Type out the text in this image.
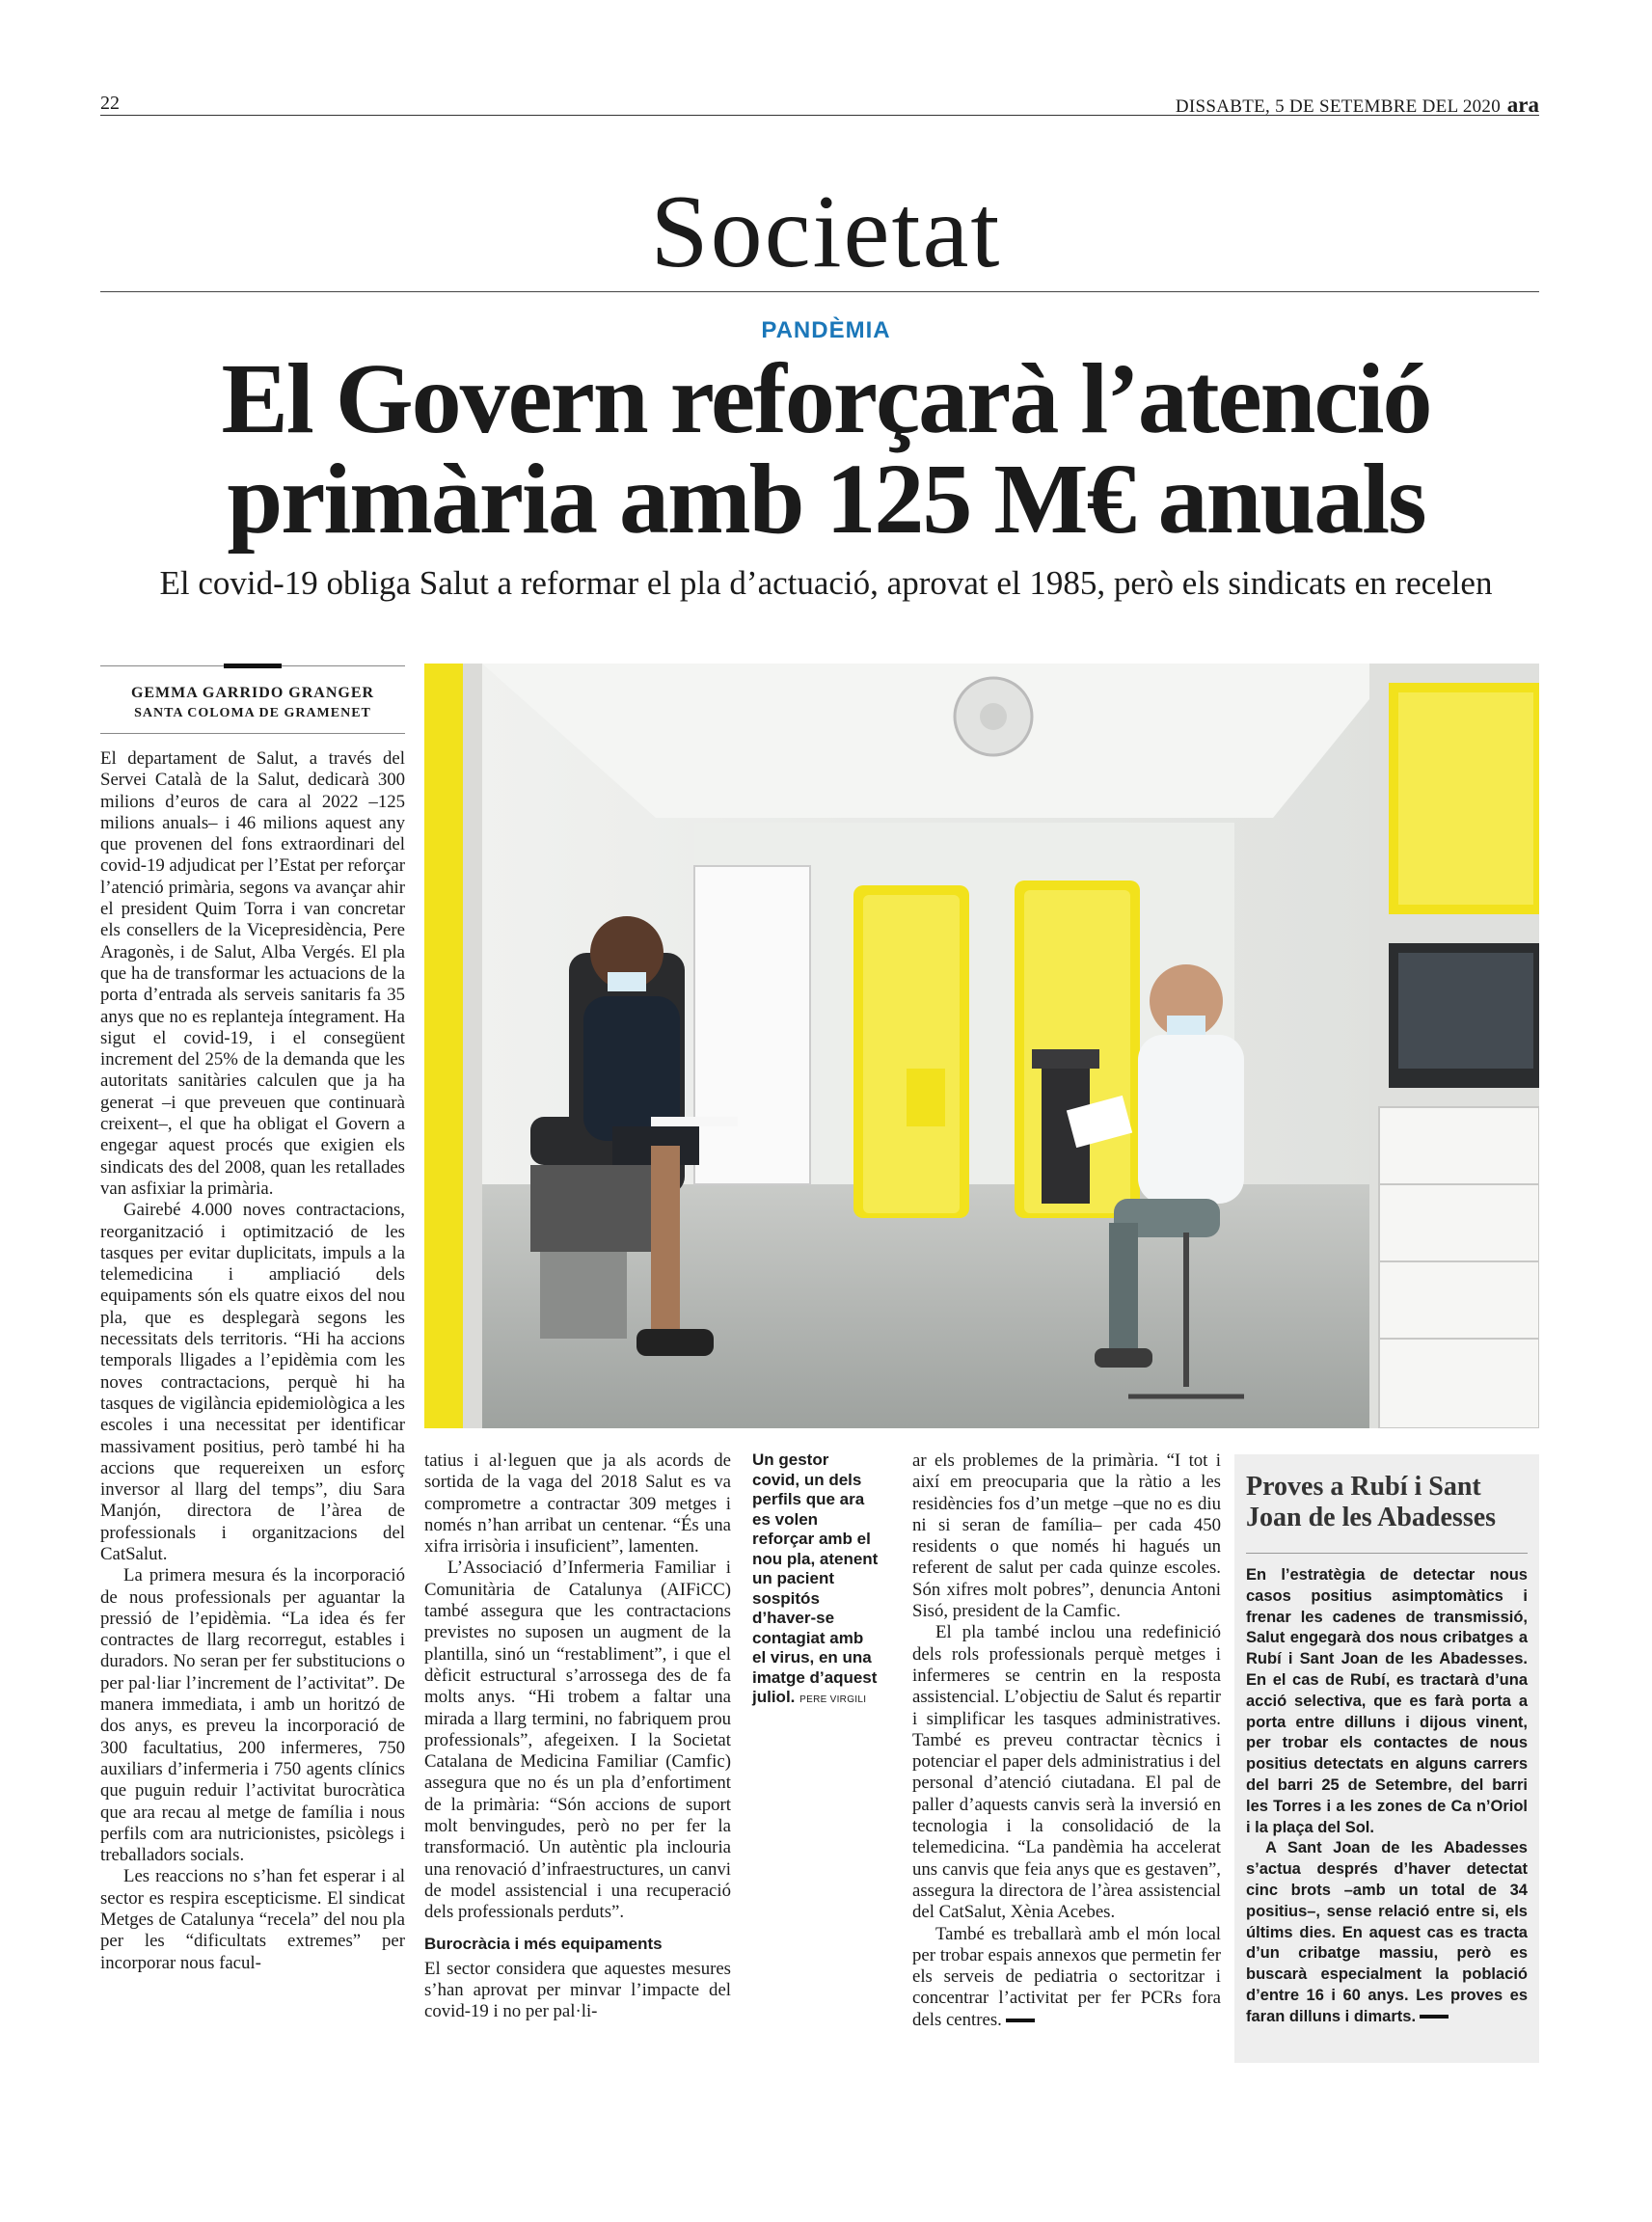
22	DISSABTE, 5 DE SETEMBRE DEL 2020 ara
Societat
PANDÈMIA
El Govern reforçarà l’atenció
primària amb 125 M€ anuals
El covid-19 obliga Salut a reformar el pla d’actuació, aprovat el 1985, però els sindicats en recelen
GEMMA GARRIDO GRANGER
SANTA COLOMA DE GRAMENET

El departament de Salut, a través del Servei Català de la Salut, dedicarà 300 milions d’euros de cara al 2022 –125 milions anuals– i 46 milions aquest any que provenen del fons extraordinari del covid-19 adjudicat per l’Estat per reforçar l’atenció primària, segons va avançar ahir el president Quim Torra i van concretar els consellers de la Vicepresidència, Pere Aragonès, i de Salut, Alba Vergés. El pla que ha de transformar les actuacions de la porta d’entrada als serveis sanitaris fa 35 anys que no es replanteja íntegrament. Ha sigut el covid-19, i el consegüent increment del 25% de la demanda que les autoritats sanitàries calculen que ja ha generat –i que preveuen que continuarà creixent–, el que ha obligat el Govern a engegar aquest procés que exigien els sindicats des del 2008, quan les retallades van asfixiar la primària.

Gairebé 4.000 noves contractacions, reorganització i optimització de les tasques per evitar duplicitats, impuls a la telemedicina i ampliació dels equipaments són els quatre eixos del nou pla, que es desplegarà segons les necessitats dels territoris. “Hi ha accions temporals lligades a l’epidèmia com les noves contractacions, perquè hi ha tasques de vigilància epidemiològica a les escoles i una necessitat per identificar massivament positius, però també hi ha accions que requereixen un esforç inversor al llarg del temps”, diu Sara Manjón, directora de l’àrea de professionals i organitzacions del CatSalut.

La primera mesura és la incorporació de nous professionals per aguantar la pressió de l’epidèmia. “La idea és fer contractes de llarg recorregut, estables i duradors. No seran per fer substitucions o per pal·liar l’increment de l’activitat”. De manera immediata, i amb un horitzó de dos anys, es preveu la incorporació de 300 facultatius, 200 infermeres, 750 auxiliars d’infermeria i 750 agents clínics que puguin reduir l’activitat burocràtica que ara recau al metge de família i nous perfils com ara nutricionistes, psicòlegs i treballadors socials.

Les reaccions no s’han fet esperar i al sector es respira escepticisme. El sindicat Metges de Catalunya “recela” del nou pla per les “dificultats extremes” per incorporar nous facul-

tatius i al·leguen que ja als acords de sortida de la vaga del 2018 Salut es va comprometre a contractar 309 metges i només n’han arribat un centenar. “És una xifra irrisòria i insuficient”, lamenten.

L’Associació d’Infermeria Familiar i Comunitària de Catalunya (AIFiCC) també assegura que les contractacions previstes no suposen un augment de la plantilla, sinó un “restabliment”, i que el dèficit estructural s’arrossega des de fa molts anys. “Hi trobem a faltar una mirada a llarg termini, no fabriquem prou professionals”, afegeixen. I la Societat Catalana de Medicina Familiar (Camfic) assegura que no és un pla d’enfortiment de la primària: “Són accions de suport molt benvingudes, però no per fer la transformació. Un autèntic pla inclouria una renovació d’infraestructures, un canvi de model assistencial i una recuperació dels professionals perduts”.

Burocràcia i més equipaments

El sector considera que aquestes mesures s’han aprovat per minvar l’impacte del covid-19 i no per pal·li-

Un gestor covid, un dels perfils que ara es volen reforçar amb el nou pla, atenent un pacient sospitós d’haver-se contagiat amb el virus, en una imatge d’aquest juliol. PERE VIRGILI

ar els problemes de la primària. “I tot i així em preocuparia que la ràtio a les residències fos d’un metge –que no es diu ni si seran de família– per cada 450 residents o que només hi hagués un referent de salut per cada quinze escoles. Són xifres molt pobres”, denuncia Antoni Sisó, president de la Camfic.

El pla també inclou una redefinició dels rols professionals perquè metges i infermeres se centrin en la resposta assistencial. L’objectiu de Salut és repartir i simplificar les tasques administratives. També es preveu contractar tècnics i potenciar el paper dels administratius i del personal d’atenció ciutadana. El pal de paller d’aquests canvis serà la inversió en tecnologia i la consolidació de la telemedicina. “La pandèmia ha accelerat uns canvis que feia anys que es gestaven”, assegura la directora de l’àrea assistencial del CatSalut, Xènia Acebes.

També es treballarà amb el món local per trobar espais annexos que permetin fer els serveis de pediatria o sectoritzar i concentrar l’activitat per fer PCRs fora dels centres.

Proves a Rubí i Sant Joan de les Abadesses

En l’estratègia de detectar nous casos positius asimptomàtics i frenar les cadenes de transmissió, Salut engegarà dos nous cribatges a Rubí i Sant Joan de les Abadesses. En el cas de Rubí, es tractarà d’una acció selectiva, que es farà porta a porta entre dilluns i dijous vinent, per trobar els contactes de nous positius detectats en alguns carrers del barri 25 de Setembre, del barri les Torres i a les zones de Ca n’Oriol i la plaça del Sol.

A Sant Joan de les Abadesses s’actua després d’haver detectat cinc brots –amb un total de 34 positius–, sense relació entre si, els últims dies. En aquest cas es tracta d’un cribatge massiu, però es buscarà especialment la població d’entre 16 i 60 anys. Les proves es faran dilluns i dimarts.
